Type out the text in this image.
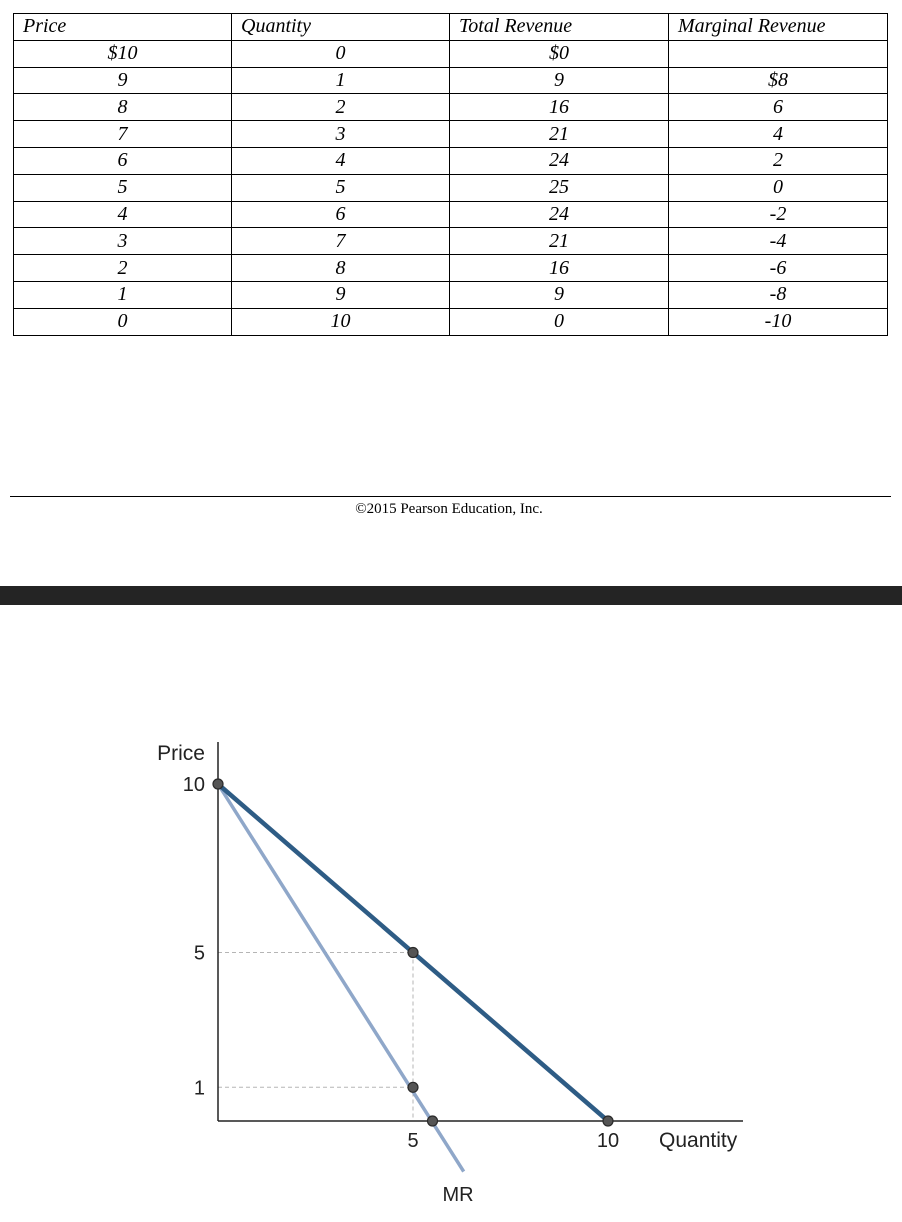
Price	Quantity	Total Revenue	Marginal Revenue
$10	0	$0	
9	1	9	$8
8	2	16	6
7	3	21	4
6	4	24	2
5	5	25	0
4	6	24	-2
3	7	21	-4
2	8	16	-6
1	9	9	-8
0	10	0	-10
©2015 Pearson Education, Inc.
10
5
1
5	10
Price
Quantity
MR
